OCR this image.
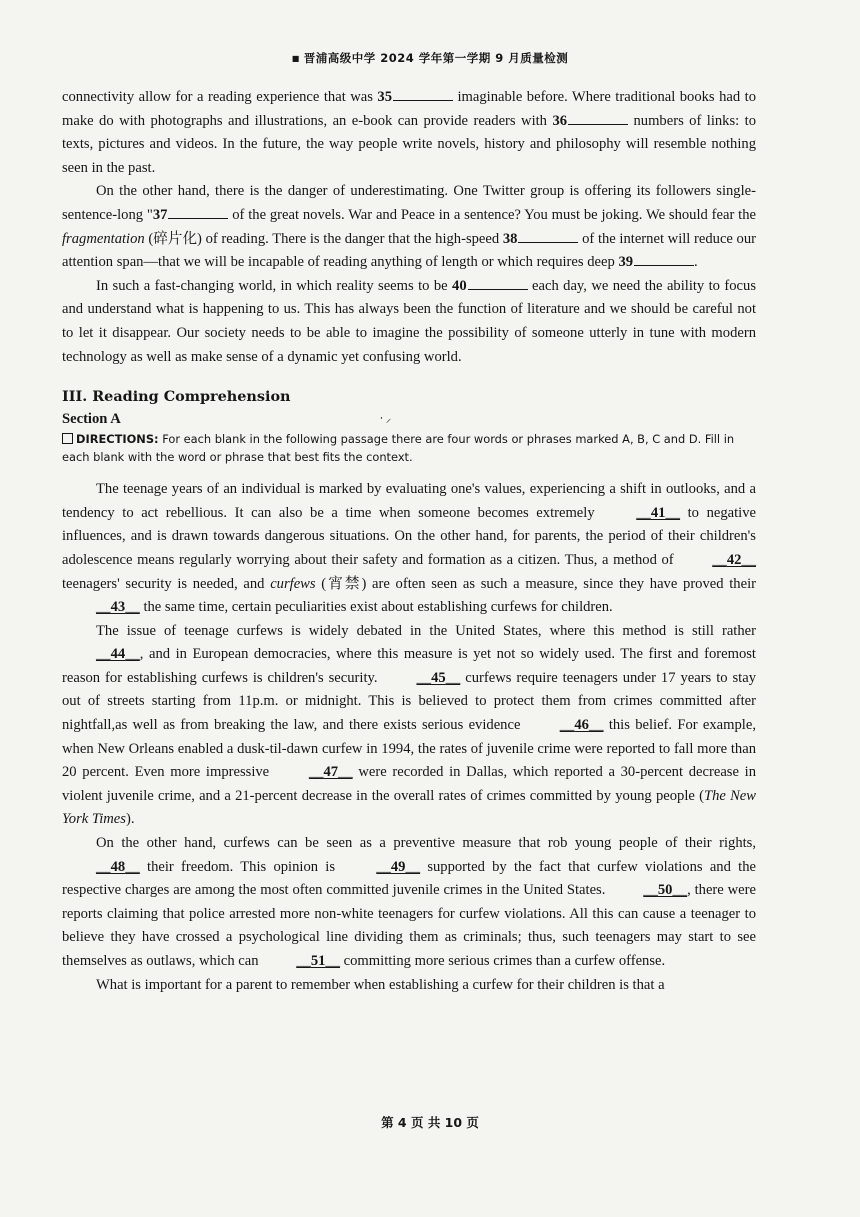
■ 晋浦高级中学 2024 学年第一学期 9 月质量检测

connectivity allow for a reading experience that was 35	imaginable before. Where traditional books had to make do with photographs and illustrations, an e-book can provide readers with 36	numbers of links: to texts, pictures and videos. In the future, the way people write novels, history and philosophy will resemble nothing seen in the past.

On the other hand, there is the danger of underestimating. One Twitter group is offering its followers single-sentence-long "37	of the great novels. War and Peace in a sentence? You must be joking. We should fear the fragmentation (碎片化) of reading. There is the danger that the high-speed 38	of the internet will reduce our attention span—that we will be incapable of reading anything of length or which requires deep 39	.

In such a fast-changing world, in which reality seems to be 40	each day, we need the ability to focus and understand what is happening to us. This has always been the function of literature and we should be careful not to let it disappear. Our society needs to be able to imagine the possibility of someone utterly in tune with modern technology as well as make sense of a dynamic yet confusing world.

III. Reading Comprehension
Section A	⸱ ⸝
DIRECTIONS: For each blank in the following passage there are four words or phrases marked A, B, C and D. Fill in each blank with the word or phrase that best fits the context.

The teenage years of an individual is marked by evaluating one's values, experiencing a shift in outlooks, and a tendency to act rebellious. It can also be a time when someone becomes extremely	__41__ to negative influences, and is drawn towards dangerous situations. On the other hand, for parents, the period of their children's adolescence means regularly worrying about their safety and formation as a citizen. Thus, a method of	__42__ teenagers' security is needed, and curfews (宵禁) are often seen as such a measure, since they have proved their __43__ the same time, certain peculiarities exist about establishing curfews for children.

The issue of teenage curfews is widely debated in the United States, where this method is still rather __44__, and in European democracies, where this measure is yet not so widely used. The first and foremost reason for establishing curfews is children's security.	__45__ curfews require teenagers under 17 years to stay out of streets starting from 11p.m. or midnight. This is believed to protect them from crimes committed after nightfall,as well as from breaking the law, and there exists serious evidence	__46__ this belief. For example, when New Orleans enabled a dusk-til-dawn curfew in 1994, the rates of juvenile crime were reported to fall more than 20 percent. Even more impressive	__47__ were recorded in Dallas, which reported a 30-percent decrease in violent juvenile crime, and a 21-percent decrease in the overall rates of crimes committed by young people (The New York Times).

On the other hand, curfews can be seen as a preventive measure that rob young people of their rights, __48__ their freedom. This opinion is	__49__ supported by the fact that curfew violations and the respective charges are among the most often committed juvenile crimes in the United States.	__50__, there were reports claiming that police arrested more non-white teenagers for curfew violations. All this can cause a teenager to believe they have crossed a psychological line dividing them as criminals; thus, such teenagers may start to see themselves as outlaws, which can	__51__ committing more serious crimes than a curfew offense.

What is important for a parent to remember when establishing a curfew for their children is that a

第 4 页 共 10 页
